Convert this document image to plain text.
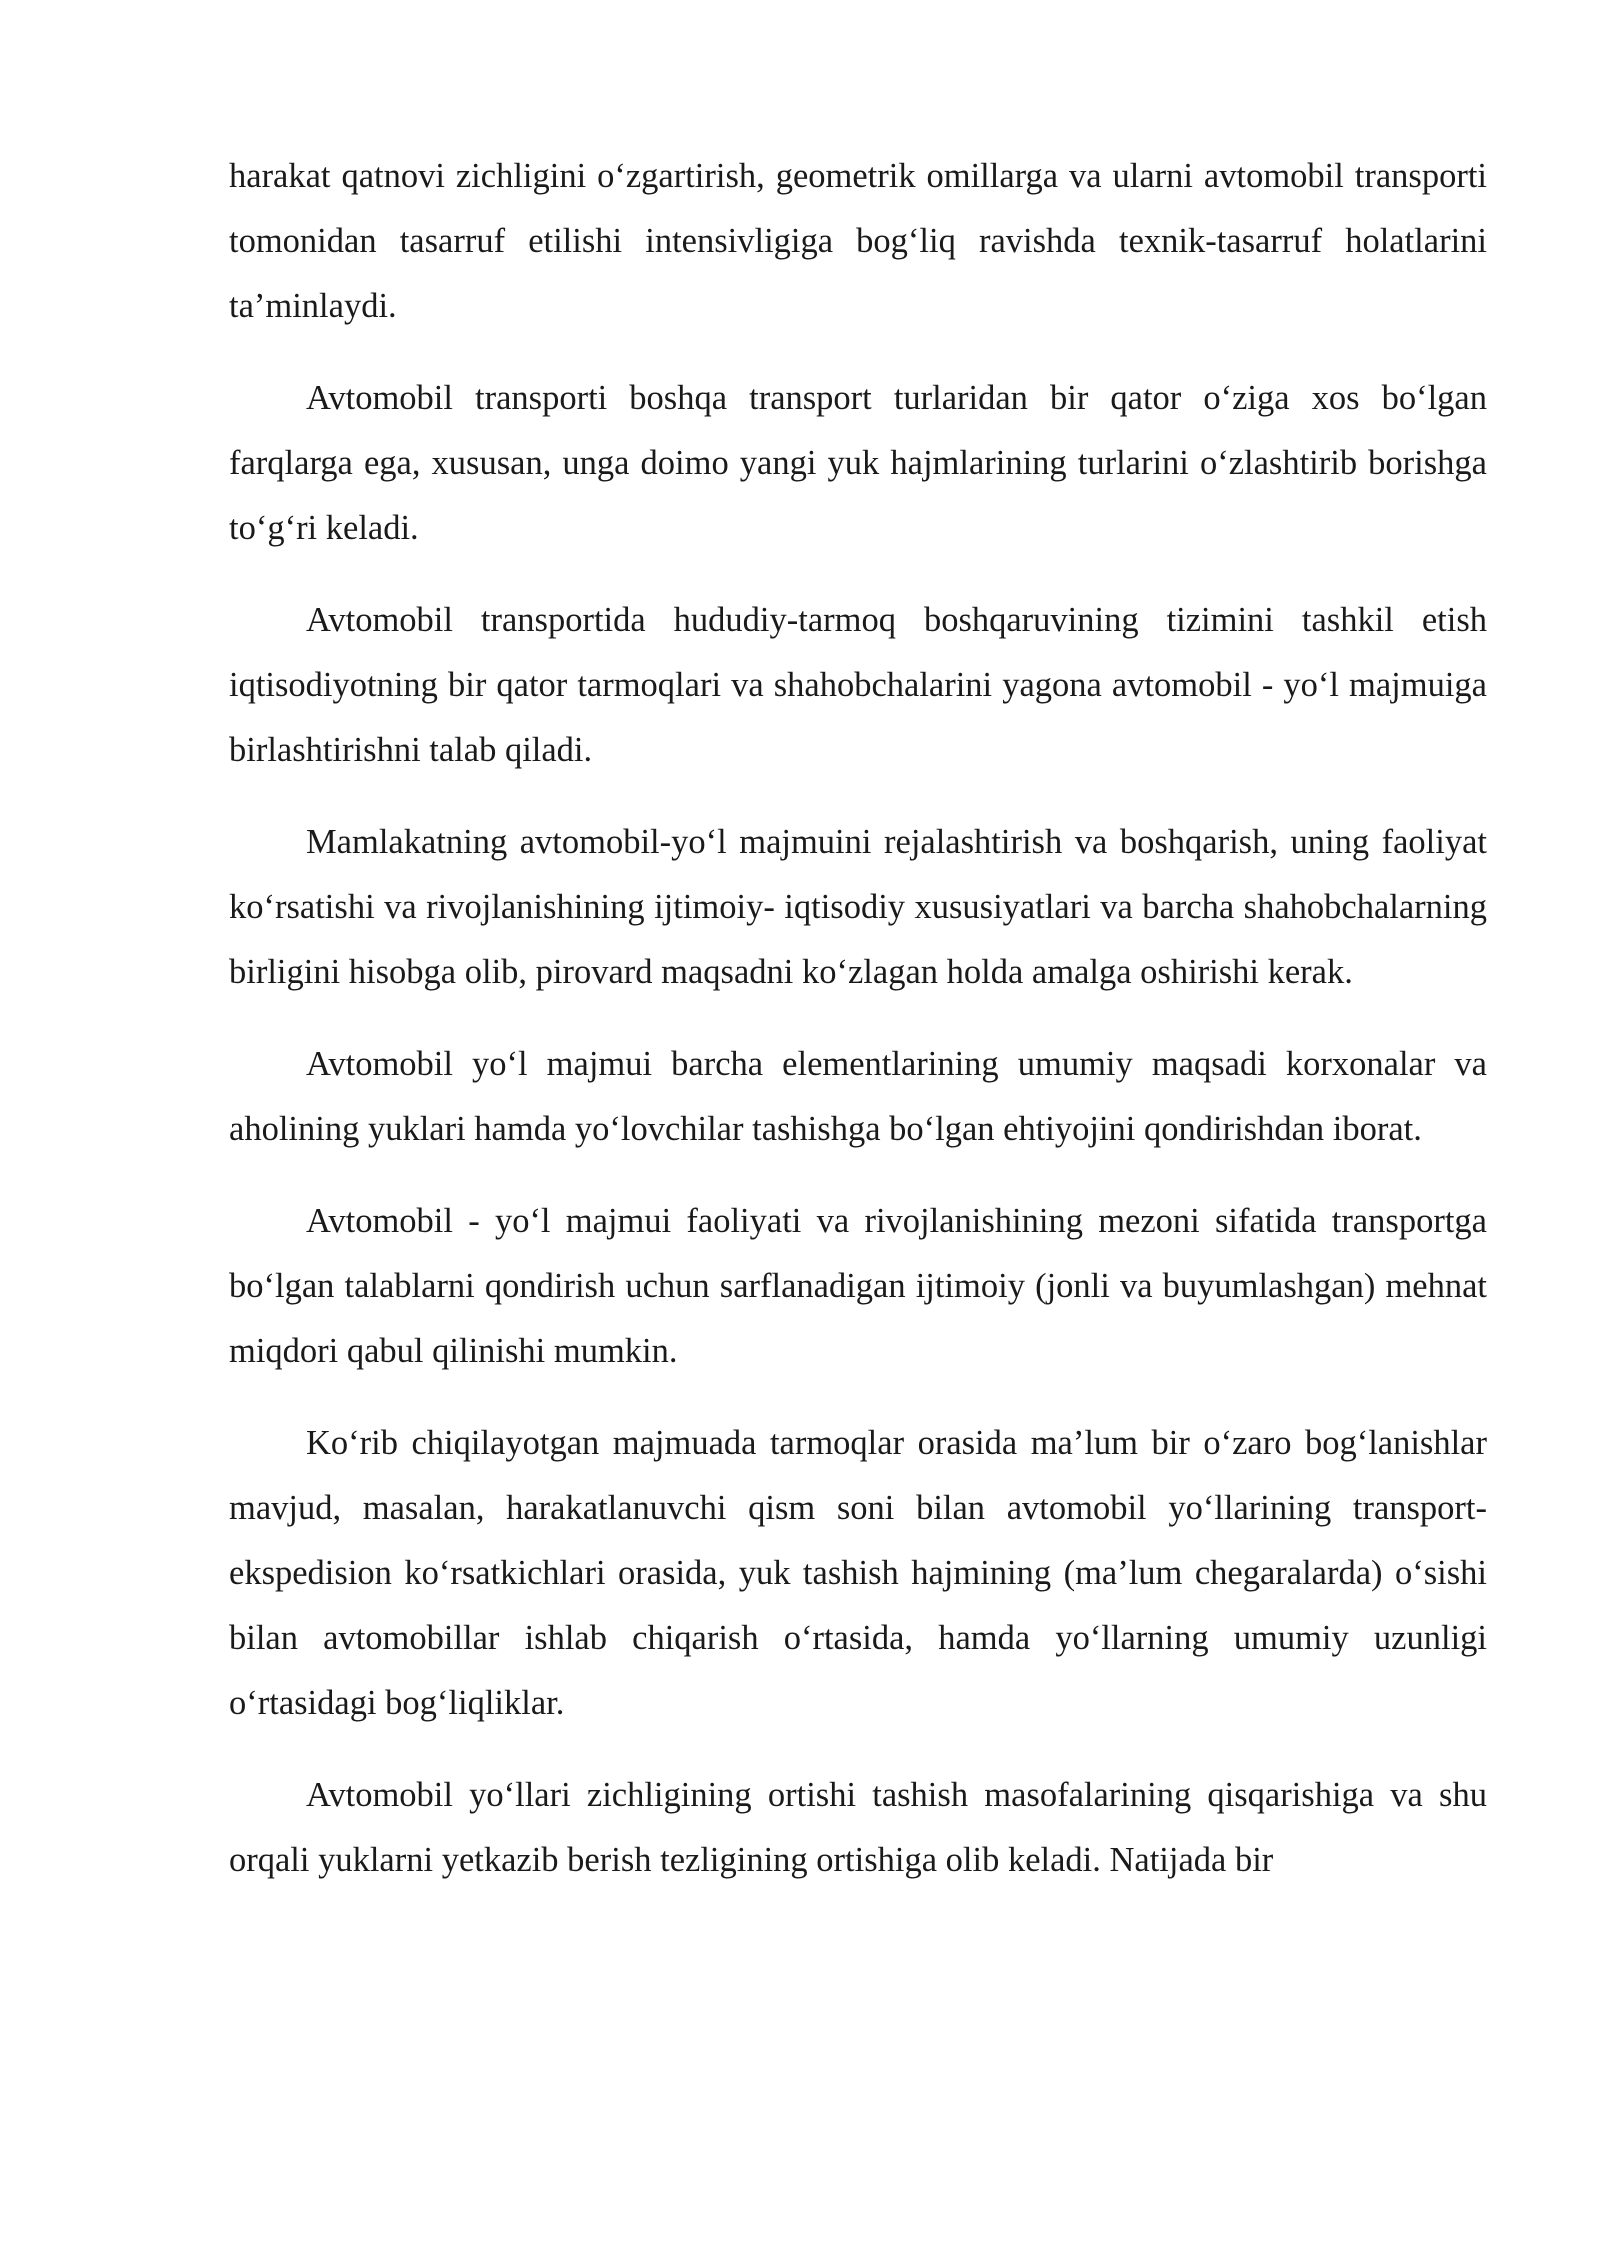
harakat qatnovi zichligini o‘zgartirish, geometrik omillarga va ularni avtomobil transporti tomonidan tasarruf etilishi intensivligiga bog‘liq ravishda texnik-tasarruf holatlarini ta’minlaydi.

Avtomobil transporti boshqa transport turlaridan bir qator o‘ziga xos bo‘lgan farqlarga ega, xususan, unga doimo yangi yuk hajmlarining turlarini o‘zlashtirib borishga to‘g‘ri keladi.

Avtomobil transportida hududiy-tarmoq boshqaruvining tizimini tashkil etish iqtisodiyotning bir qator tarmoqlari va shahobchalarini yagona avtomobil - yo‘l majmuiga birlashtirishni talab qiladi.

Mamlakatning avtomobil-yo‘l majmuini rejalashtirish va boshqarish, uning faoliyat ko‘rsatishi va rivojlanishining ijtimoiy- iqtisodiy xususiyatlari va barcha shahobchalarning birligini hisobga olib, pirovard maqsadni ko‘zlagan holda amalga oshirishi kerak.

Avtomobil yo‘l majmui barcha elementlarining umumiy maqsadi korxonalar va aholining yuklari hamda yo‘lovchilar tashishga bo‘lgan ehtiyojini qondirishdan iborat.

Avtomobil - yo‘l majmui faoliyati va rivojlanishining mezoni sifatida transportga bo‘lgan talablarni qondirish uchun sarflanadigan ijtimoiy (jonli va buyumlashgan) mehnat miqdori qabul qilinishi mumkin.

Ko‘rib chiqilayotgan majmuada tarmoqlar orasida ma’lum bir o‘zaro bog‘lanishlar mavjud, masalan, harakatlanuvchi qism soni bilan avtomobil yo‘llarining transport-ekspedision ko‘rsatkichlari orasida, yuk tashish hajmining (ma’lum chegaralarda) o‘sishi bilan avtomobillar ishlab chiqarish o‘rtasida, hamda yo‘llarning umumiy uzunligi o‘rtasidagi bog‘liqliklar.

Avtomobil yo‘llari zichligining ortishi tashish masofalarining qisqarishiga va shu orqali yuklarni yetkazib berish tezligining ortishiga olib keladi. Natijada bir
